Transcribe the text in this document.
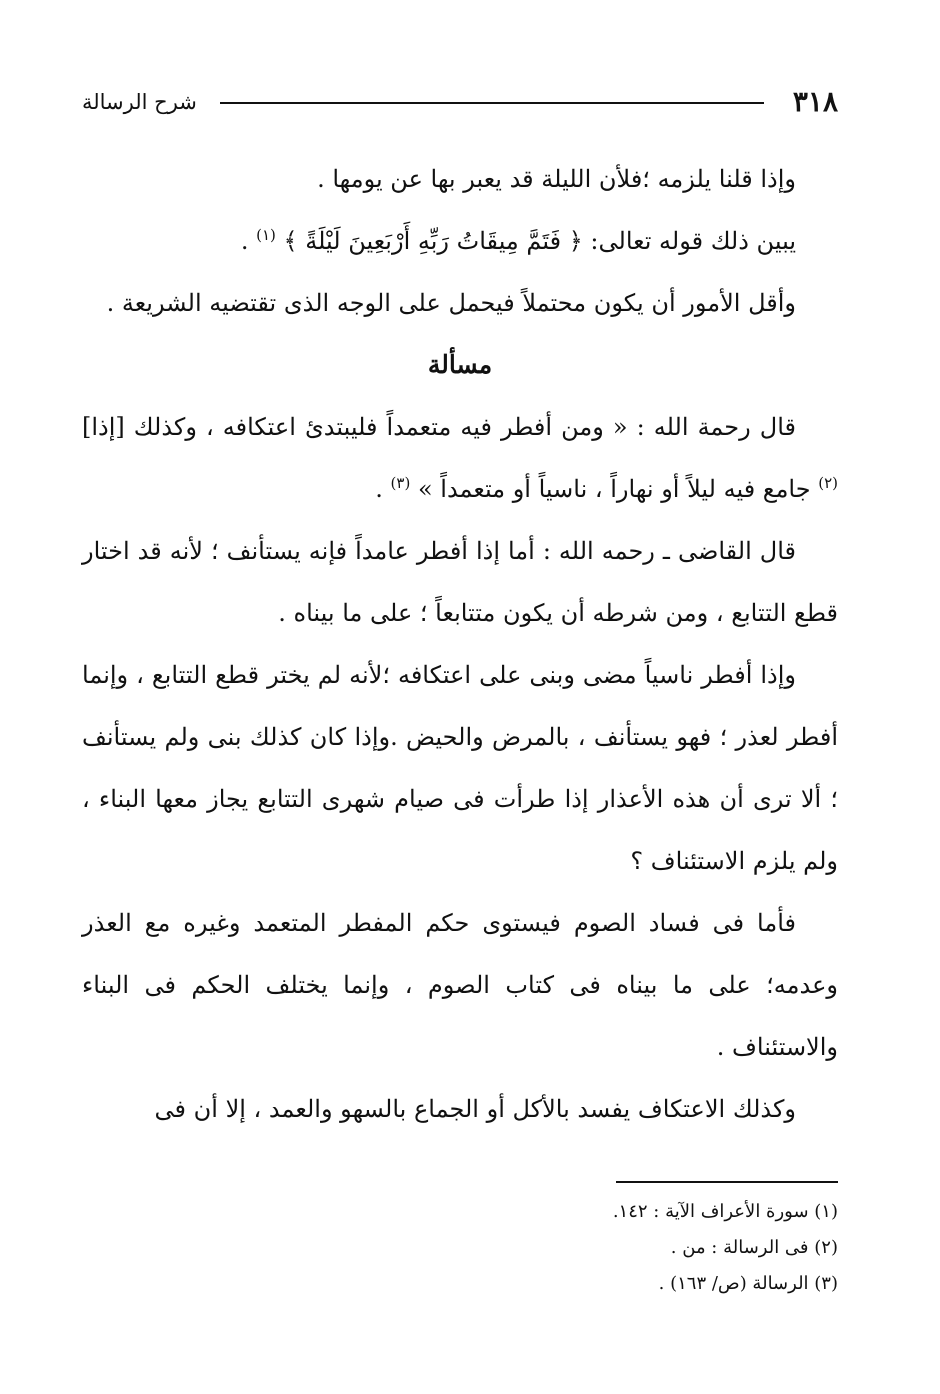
٣١٨
شرح الرسالة

وإذا قلنا يلزمه ؛فلأن الليلة قد يعبر بها عن يومها .

يبين ذلك قوله تعالى: ﴿ فَتَمَّ مِيقَاتُ رَبِّهِ أَرْبَعِينَ لَيْلَةً ﴾ $^{(١)}$ .

وأقل الأمور أن يكون محتملاً فيحمل على الوجه الذى تقتضيه الشريعة .

مسألة

قال رحمة الله : « ومن أفطر فيه متعمداً فليبتدئ اعتكافه ، وكذلك [إذا]$^{(٢)}$ جامع فيه ليلاً أو نهاراً ، ناسياً أو متعمداً » $^{(٣)}$ .

قال القاضى ـ رحمه الله : أما إذا أفطر عامداً فإنه يستأنف ؛ لأنه قد اختار قطع التتابع ، ومن شرطه أن يكون متتابعاً ؛ على ما بيناه .

وإذا أفطر ناسياً مضى وبنى على اعتكافه ؛لأنه لم يختر قطع التتابع ، وإنما أفطر لعذر ؛ فهو يستأنف ، بالمرض والحيض .وإذا كان كذلك بنى ولم يستأنف ؛ ألا ترى أن هذه الأعذار إذا طرأت فى صيام شهرى التتابع يجاز معها البناء ، ولم يلزم الاستئناف ؟

فأما فى فساد الصوم فيستوى حكم المفطر المتعمد وغيره مع العذر وعدمه؛ على ما بيناه فى كتاب الصوم ، وإنما يختلف الحكم فى البناء والاستئناف .

وكذلك الاعتكاف يفسد بالأكل أو الجماع بالسهو والعمد ، إلا أن فى

(١) سورة الأعراف الآية : ١٤٢.

(٢) فى الرسالة : من .

(٣) الرسالة (ص/ ١٦٣) .
